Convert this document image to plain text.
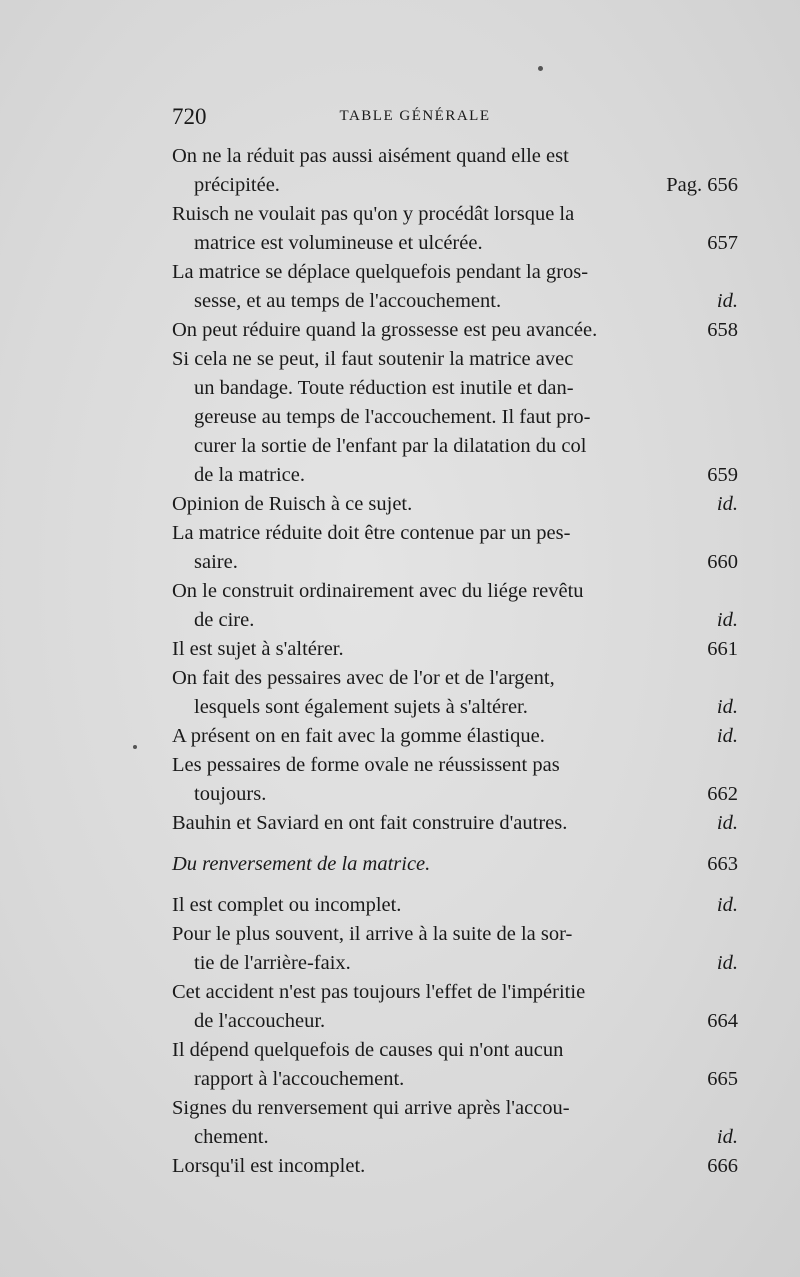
720	TABLE GÉNÉRALE
On ne la réduit pas aussi aisément quand elle est
précipitée.	Pag. 656
Ruisch ne voulait pas qu'on y procédât lorsque la
matrice est volumineuse et ulcérée.	657
La matrice se déplace quelquefois pendant la gros-
sesse, et au temps de l'accouchement.	id.
On peut réduire quand la grossesse est peu avancée.	658
Si cela ne se peut, il faut soutenir la matrice avec
un bandage. Toute réduction est inutile et dan-
gereuse au temps de l'accouchement. Il faut pro-
curer la sortie de l'enfant par la dilatation du col
de la matrice.	659
Opinion de Ruisch à ce sujet.	id.
La matrice réduite doit être contenue par un pes-
saire.	660
On le construit ordinairement avec du liége revêtu
de cire.	id.
Il est sujet à s'altérer.	661
On fait des pessaires avec de l'or et de l'argent,
lesquels sont également sujets à s'altérer.	id.
A présent on en fait avec la gomme élastique.	id.
Les pessaires de forme ovale ne réussissent pas
toujours.	662
Bauhin et Saviard en ont fait construire d'autres.	id.
Du renversement de la matrice.	663
Il est complet ou incomplet.	id.
Pour le plus souvent, il arrive à la suite de la sor-
tie de l'arrière-faix.	id.
Cet accident n'est pas toujours l'effet de l'impéritie
de l'accoucheur.	664
Il dépend quelquefois de causes qui n'ont aucun
rapport à l'accouchement.	665
Signes du renversement qui arrive après l'accou-
chement.	id.
Lorsqu'il est incomplet.	666
